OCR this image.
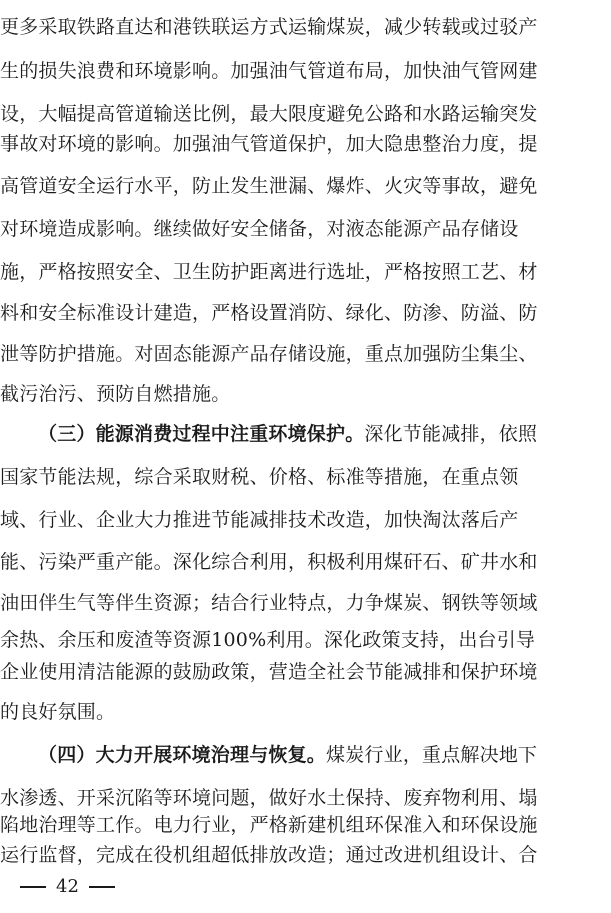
更多采取铁路直达和港铁联运方式运输煤炭，减少转载或过驳产
生的损失浪费和环境影响。加强油气管道布局，加快油气管网建
设，大幅提高管道输送比例，最大限度避免公路和水路运输突发
事故对环境的影响。加强油气管道保护，加大隐患整治力度，提
高管道安全运行水平，防止发生泄漏、爆炸、火灾等事故，避免
对环境造成影响。继续做好安全储备，对液态能源产品存储设
施，严格按照安全、卫生防护距离进行选址，严格按照工艺、材
料和安全标准设计建造，严格设置消防、绿化、防渗、防溢、防
泄等防护措施。对固态能源产品存储设施，重点加强防尘集尘、
截污治污、预防自燃措施。
（三）能源消费过程中注重环境保护。深化节能减排，依照
国家节能法规，综合采取财税、价格、标准等措施，在重点领
域、行业、企业大力推进节能减排技术改造，加快淘汰落后产
能、污染严重产能。深化综合利用，积极利用煤矸石、矿井水和
油田伴生气等伴生资源；结合行业特点，力争煤炭、钢铁等领域
余热、余压和废渣等资源100%利用。深化政策支持，出台引导
企业使用清洁能源的鼓励政策，营造全社会节能减排和保护环境
的良好氛围。
（四）大力开展环境治理与恢复。煤炭行业，重点解决地下
水渗透、开采沉陷等环境问题，做好水土保持、废弃物利用、塌
陷地治理等工作。电力行业，严格新建机组环保准入和环保设施
运行监督，完成在役机组超低排放改造；通过改进机组设计、合
42
